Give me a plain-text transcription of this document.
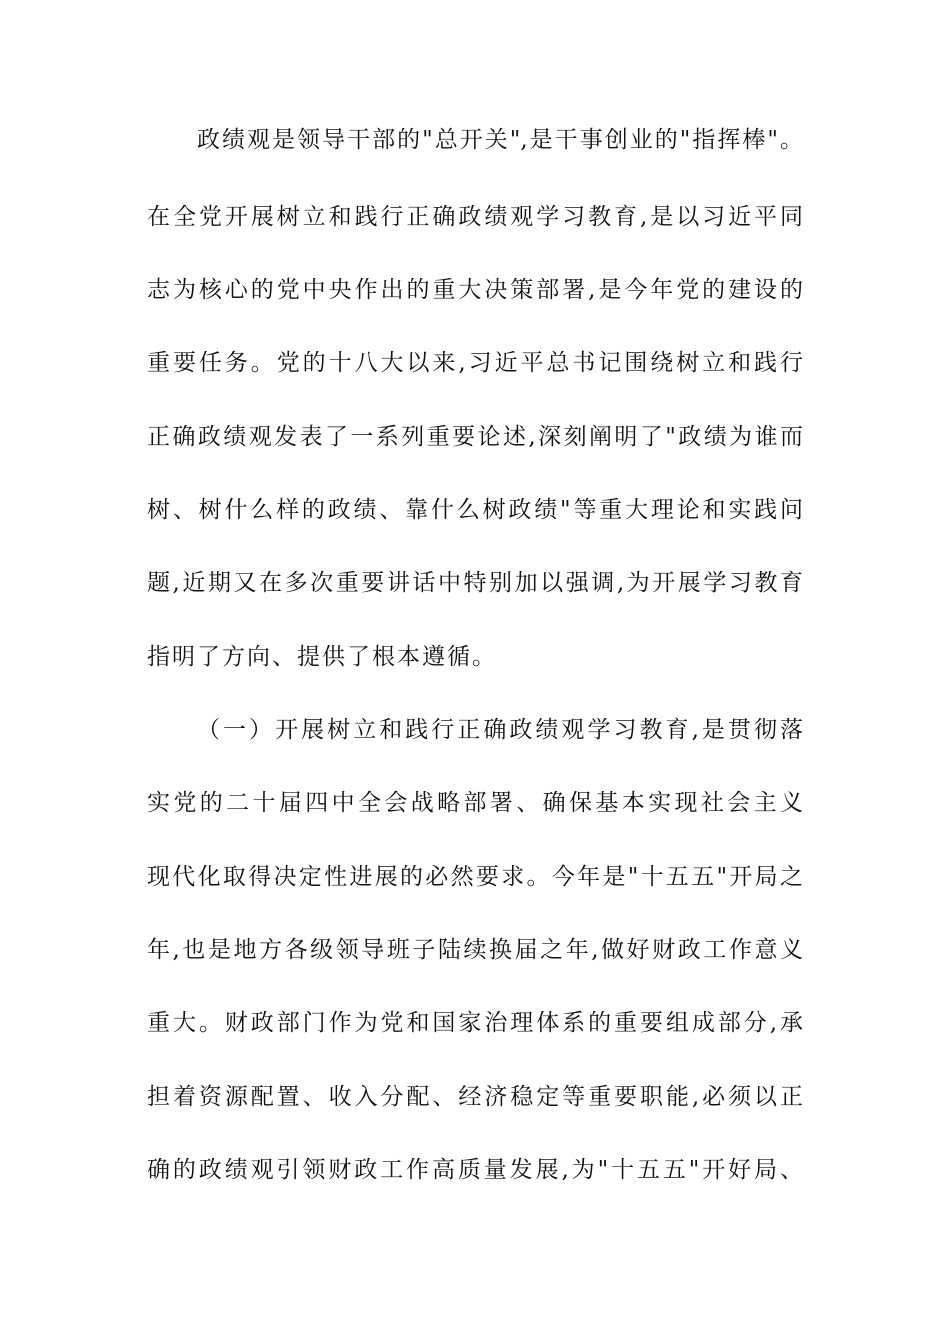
政绩观是领导干部的"总开关",是干事创业的"指挥棒"。
在全党开展树立和践行正确政绩观学习教育,是以习近平同
志为核心的党中央作出的重大决策部署,是今年党的建设的
重要任务。党的十八大以来,习近平总书记围绕树立和践行
正确政绩观发表了一系列重要论述,深刻阐明了"政绩为谁而
树、树什么样的政绩、靠什么树政绩"等重大理论和实践问
题,近期又在多次重要讲话中特别加以强调,为开展学习教育
指明了方向、提供了根本遵循。
（一）开展树立和践行正确政绩观学习教育,是贯彻落
实党的二十届四中全会战略部署、确保基本实现社会主义
现代化取得决定性进展的必然要求。今年是"十五五"开局之
年,也是地方各级领导班子陆续换届之年,做好财政工作意义
重大。财政部门作为党和国家治理体系的重要组成部分,承
担着资源配置、收入分配、经济稳定等重要职能,必须以正
确的政绩观引领财政工作高质量发展,为"十五五"开好局、
